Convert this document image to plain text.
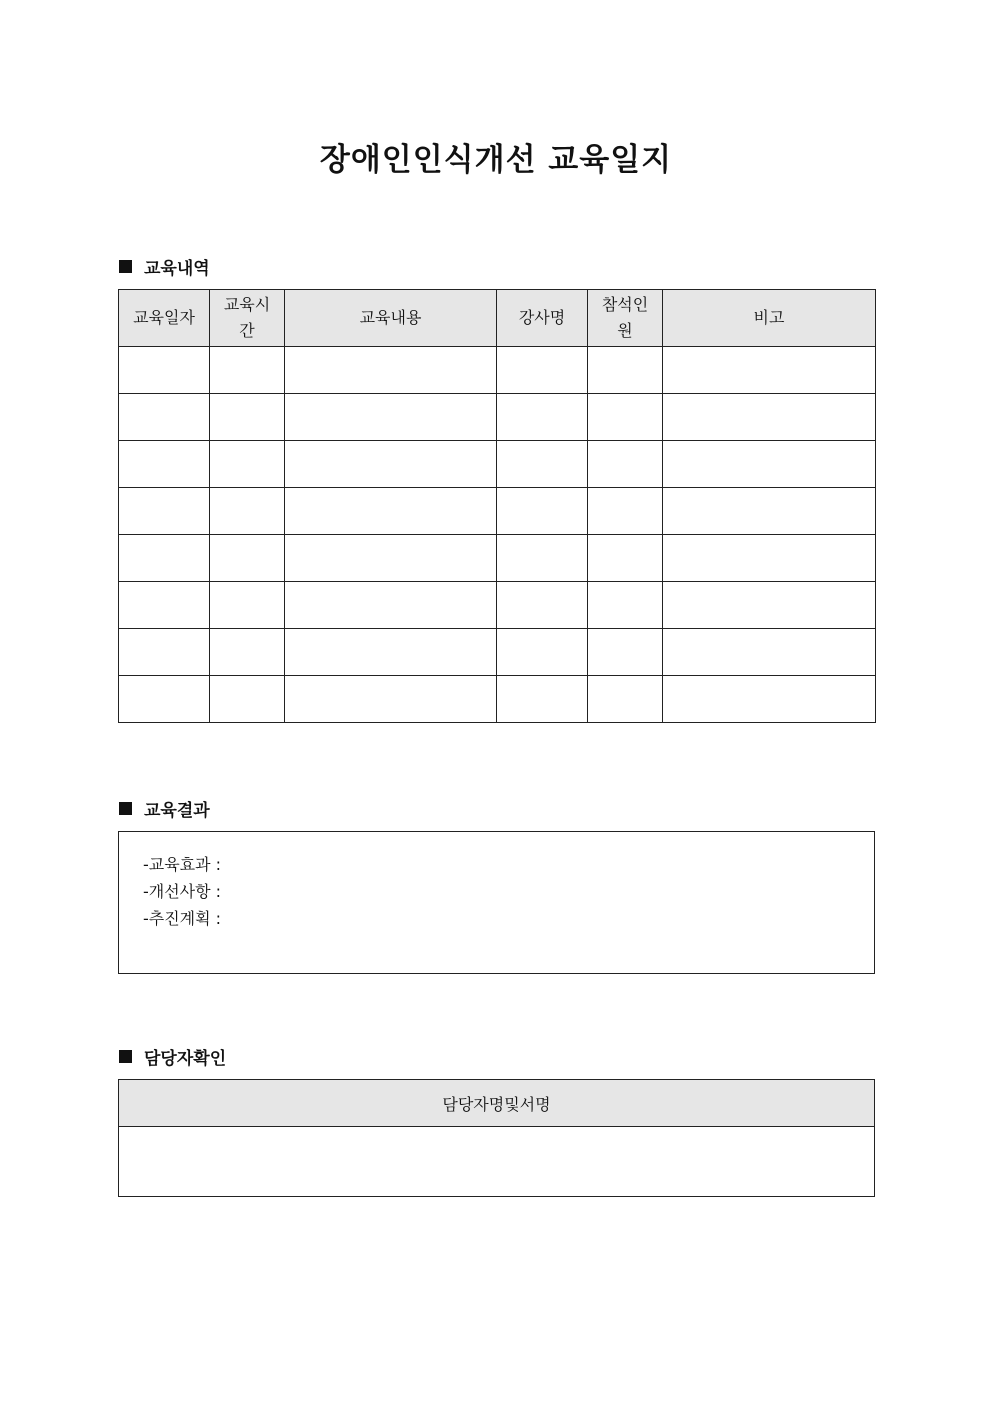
장애인인식개선 교육일지
교육내역
교육일자	교육시간	교육내용	강사명	참석인원	비고

교육결과
-교육효과 :
-개선사항 :
-추진계획 :
담당자확인
담당자명및서명
